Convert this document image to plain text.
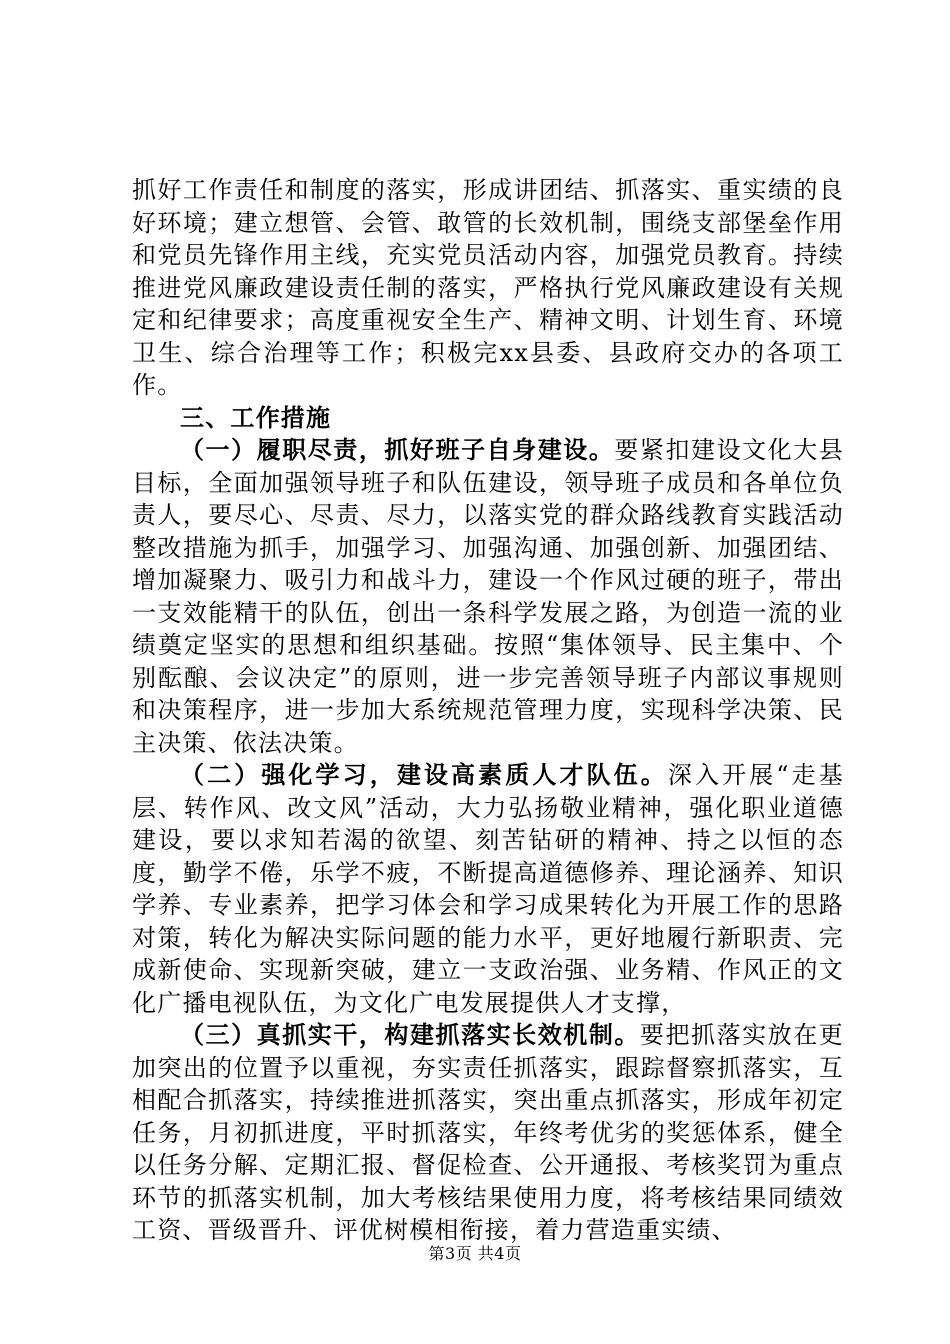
抓好工作责任和制度的落实，形成讲团结、抓落实、重实绩的良好环境；建立想管、会管、敢管的长效机制，围绕支部堡垒作用和党员先锋作用主线，充实党员活动内容，加强党员教育。持续推进党风廉政建设责任制的落实，严格执行党风廉政建设有关规定和纪律要求；高度重视安全生产、精神文明、计划生育、环境卫生、综合治理等工作；积极完xx县委、县政府交办的各项工作。

三、工作措施

（一）履职尽责，抓好班子自身建设。要紧扣建设文化大县目标，全面加强领导班子和队伍建设，领导班子成员和各单位负责人，要尽心、尽责、尽力，以落实党的群众路线教育实践活动整改措施为抓手，加强学习、加强沟通、加强创新、加强团结、增加凝聚力、吸引力和战斗力，建设一个作风过硬的班子，带出一支效能精干的队伍，创出一条科学发展之路，为创造一流的业绩奠定坚实的思想和组织基础。按照“集体领导、民主集中、个别酝酿、会议决定”的原则，进一步完善领导班子内部议事规则和决策程序，进一步加大系统规范管理力度，实现科学决策、民主决策、依法决策。

（二）强化学习，建设高素质人才队伍。深入开展“走基层、转作风、改文风”活动，大力弘扬敬业精神，强化职业道德建设，要以求知若渴的欲望、刻苦钻研的精神、持之以恒的态度，勤学不倦，乐学不疲，不断提高道德修养、理论涵养、知识学养、专业素养，把学习体会和学习成果转化为开展工作的思路对策，转化为解决实际问题的能力水平，更好地履行新职责、完成新使命、实现新突破，建立一支政治强、业务精、作风正的文化广播电视队伍，为文化广电发展提供人才支撑，

（三）真抓实干，构建抓落实长效机制。要把抓落实放在更加突出的位置予以重视，夯实责任抓落实，跟踪督察抓落实，互相配合抓落实，持续推进抓落实，突出重点抓落实，形成年初定任务，月初抓进度，平时抓落实，年终考优劣的奖惩体系，健全以任务分解、定期汇报、督促检查、公开通报、考核奖罚为重点环节的抓落实机制，加大考核结果使用力度，将考核结果同绩效工资、晋级晋升、评优树模相衔接，着力营造重实绩、

第3页 共4页
